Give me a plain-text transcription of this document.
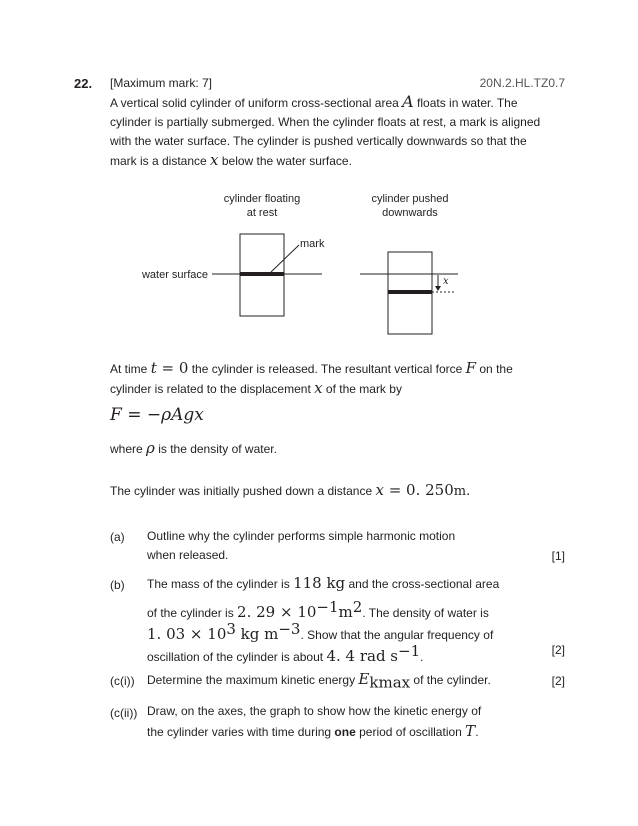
22. [Maximum mark: 7]	20N.2.HL.TZ0.7
A vertical solid cylinder of uniform cross-sectional area A floats in water. The
cylinder is partially submerged. When the cylinder floats at rest, a mark is aligned
with the water surface. The cylinder is pushed vertically downwards so that the
mark is a distance x below the water surface.
cylinder floating
at rest
cylinder pushed
downwards
mark
water surface
x
At time t = 0 the cylinder is released. The resultant vertical force F on the
cylinder is related to the displacement x of the mark by
F = −ρAgx
where ρ is the density of water.
The cylinder was initially pushed down a distance x = 0. 250m.
(a) Outline why the cylinder performs simple harmonic motion
when released.	[1]
(b) The mass of the cylinder is 118 kg and the cross-sectional area
of the cylinder is 2. $29 \times 10^{-1}m^2$. The density of water is
1. $03 \times 10^3$ kg $m^{-3}$. Show that the angular frequency of
oscillation of the cylinder is about 4. 4 rad $s^{-1}$.	[2]
(c(i)) Determine the maximum kinetic energy $E_{kmax}$ of the cylinder.	[2]
(c(ii)) Draw, on the axes, the graph to show how the kinetic energy of
the cylinder varies with time during one period of oscillation T.
